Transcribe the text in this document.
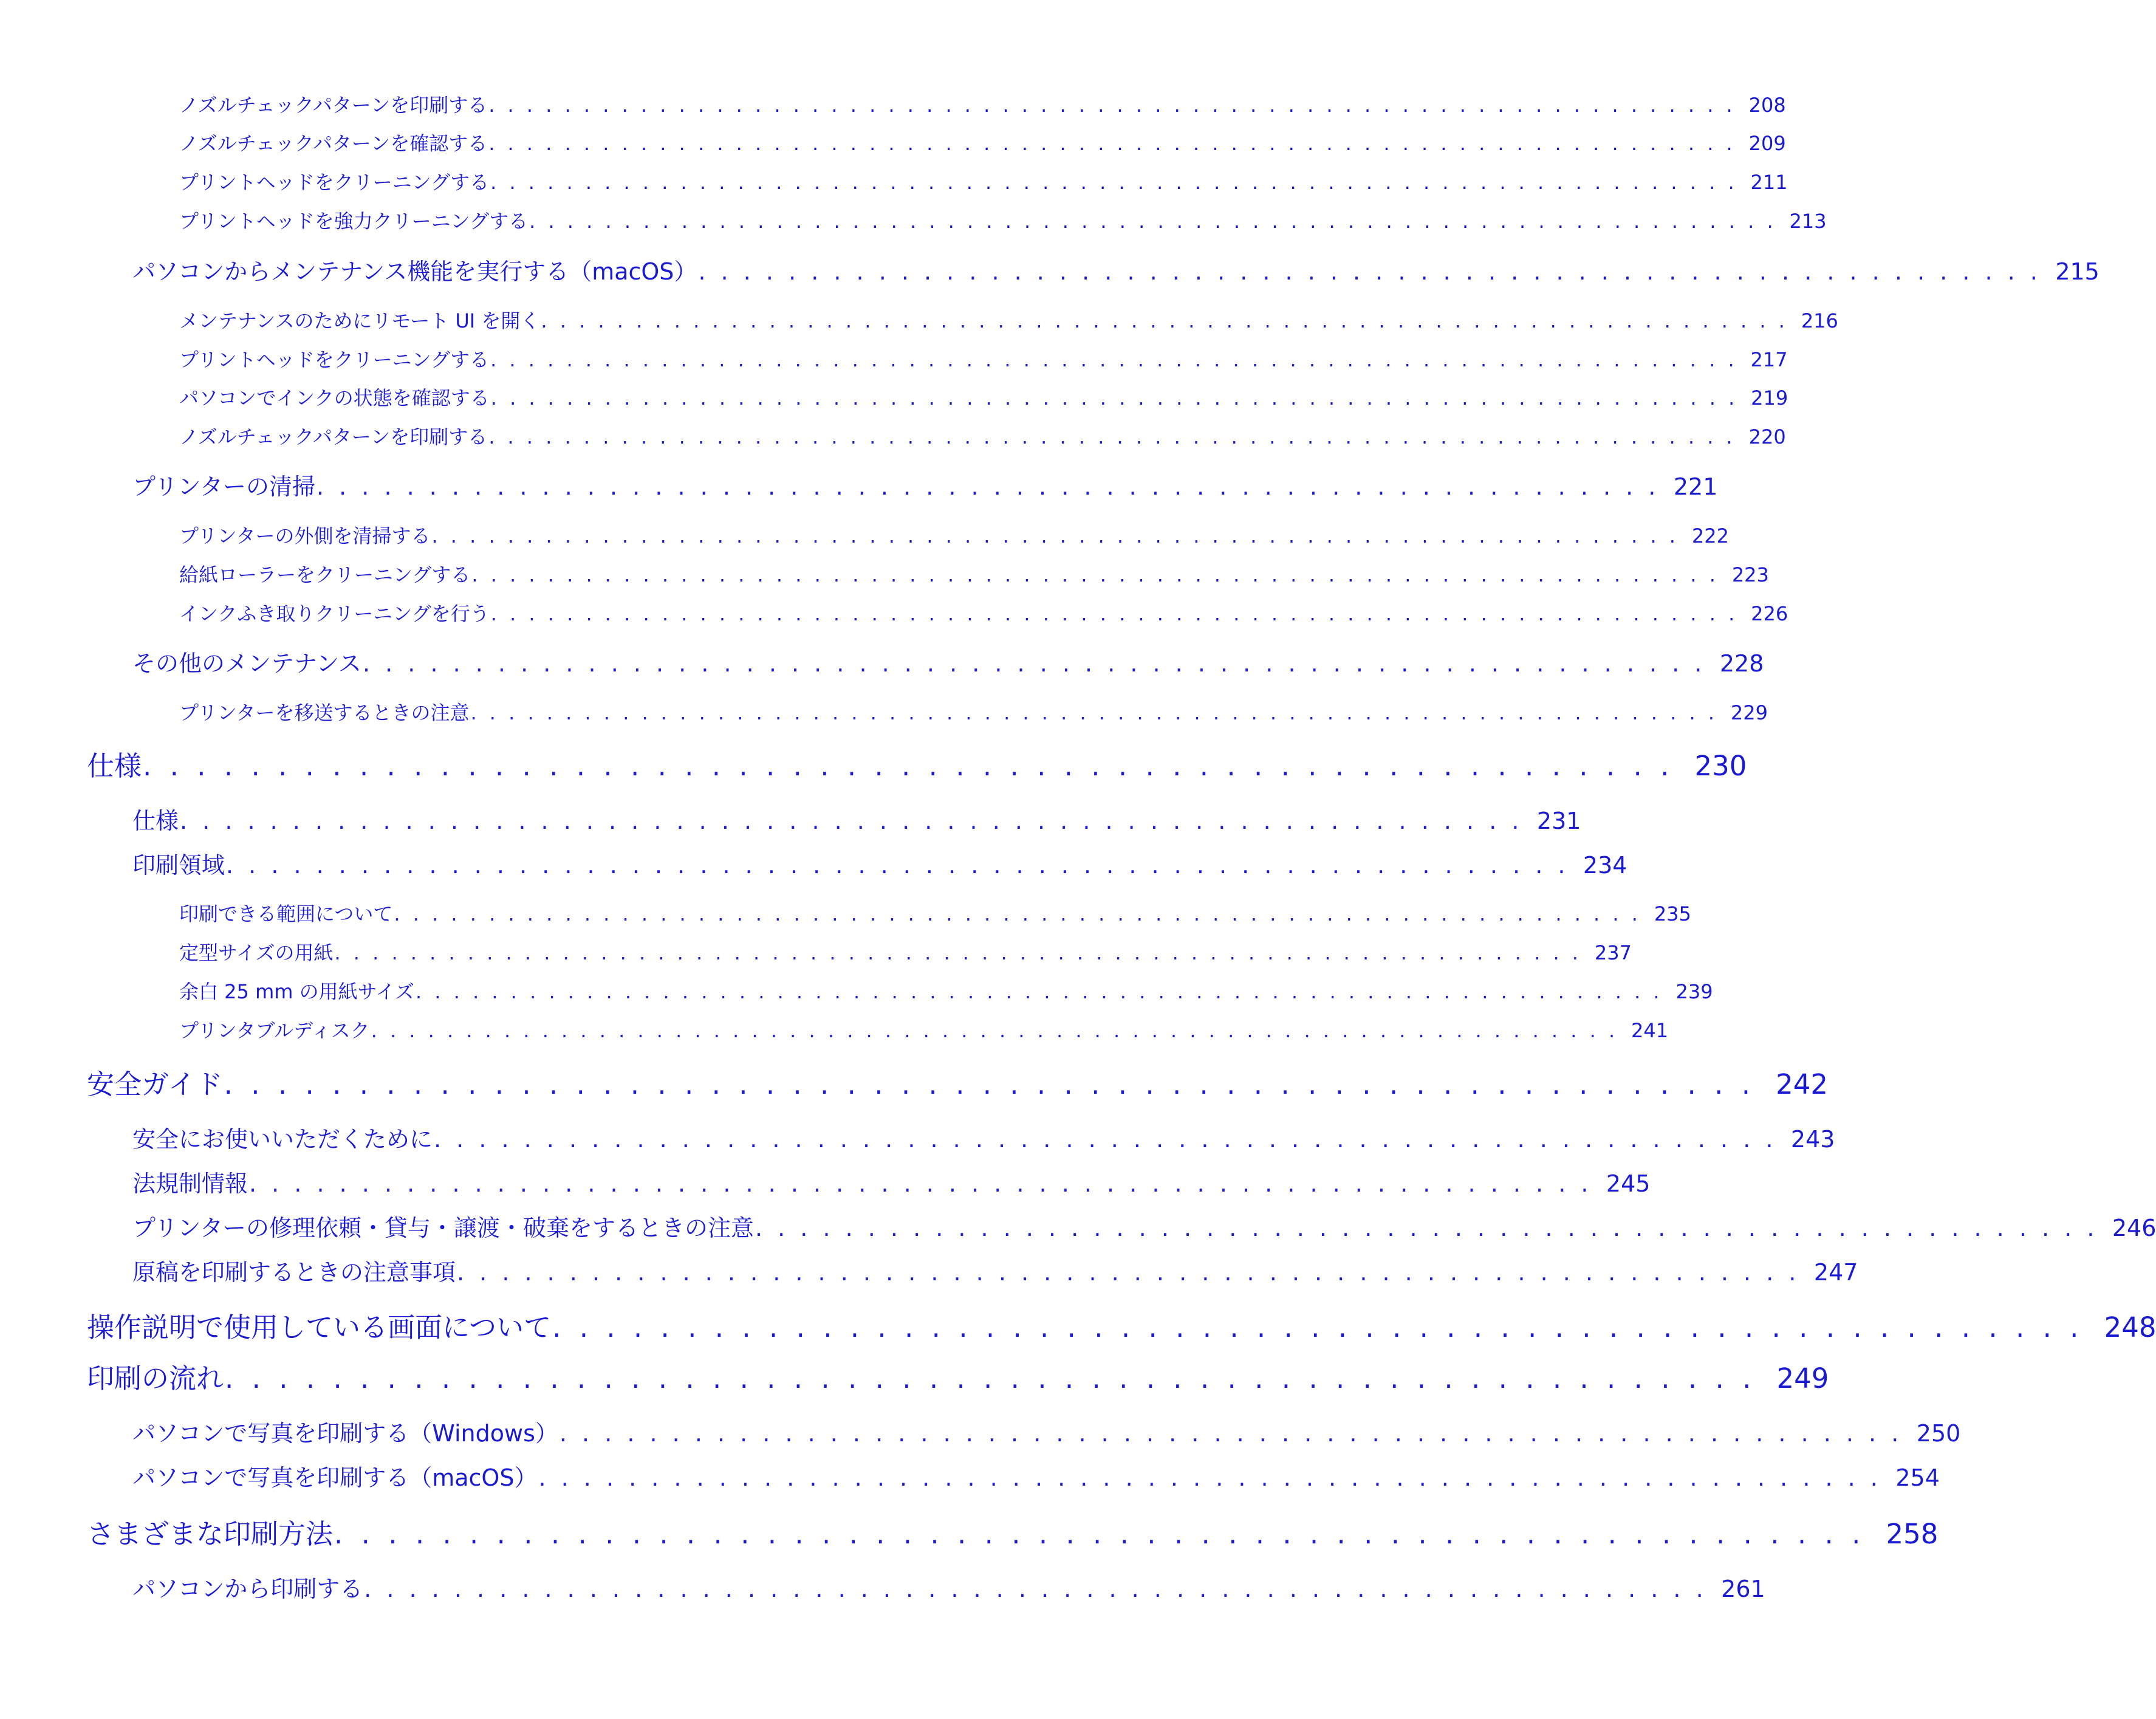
ノズルチェックパターンを印刷する . . . . . . . . . . . . . . . . . . . . . . . . . . . . . . . . . . . . . . . . . . . . . . . . . . . . . . . . . . . . . . . . . . 208
ノズルチェックパターンを確認する . . . . . . . . . . . . . . . . . . . . . . . . . . . . . . . . . . . . . . . . . . . . . . . . . . . . . . . . . . . . . . . . . . 209
プリントヘッドをクリーニングする . . . . . . . . . . . . . . . . . . . . . . . . . . . . . . . . . . . . . . . . . . . . . . . . . . . . . . . . . . . . . . . . . . 211
プリントヘッドを強力クリーニングする . . . . . . . . . . . . . . . . . . . . . . . . . . . . . . . . . . . . . . . . . . . . . . . . . . . . . . . . . . . . . . . . . . 213
パソコンからメンテナンス機能を実行する（macOS） . . . . . . . . . . . . . . . . . . . . . . . . . . . . . . . . . . . . . . . . . . . . . . . . . . . . . . . . . . . . 215
メンテナンスのためにリモート UI を開く . . . . . . . . . . . . . . . . . . . . . . . . . . . . . . . . . . . . . . . . . . . . . . . . . . . . . . . . . . . . . . . . . . 216
プリントヘッドをクリーニングする . . . . . . . . . . . . . . . . . . . . . . . . . . . . . . . . . . . . . . . . . . . . . . . . . . . . . . . . . . . . . . . . . . 217
パソコンでインクの状態を確認する . . . . . . . . . . . . . . . . . . . . . . . . . . . . . . . . . . . . . . . . . . . . . . . . . . . . . . . . . . . . . . . . . . 219
ノズルチェックパターンを印刷する . . . . . . . . . . . . . . . . . . . . . . . . . . . . . . . . . . . . . . . . . . . . . . . . . . . . . . . . . . . . . . . . . . 220
プリンターの清掃 . . . . . . . . . . . . . . . . . . . . . . . . . . . . . . . . . . . . . . . . . . . . . . . . . . . . . . . . . . . . 221
プリンターの外側を清掃する . . . . . . . . . . . . . . . . . . . . . . . . . . . . . . . . . . . . . . . . . . . . . . . . . . . . . . . . . . . . . . . . . . 222
給紙ローラーをクリーニングする . . . . . . . . . . . . . . . . . . . . . . . . . . . . . . . . . . . . . . . . . . . . . . . . . . . . . . . . . . . . . . . . . . 223
インクふき取りクリーニングを行う . . . . . . . . . . . . . . . . . . . . . . . . . . . . . . . . . . . . . . . . . . . . . . . . . . . . . . . . . . . . . . . . . . 226
その他のメンテナンス . . . . . . . . . . . . . . . . . . . . . . . . . . . . . . . . . . . . . . . . . . . . . . . . . . . . . . . . . . . . 228
プリンターを移送するときの注意 . . . . . . . . . . . . . . . . . . . . . . . . . . . . . . . . . . . . . . . . . . . . . . . . . . . . . . . . . . . . . . . . . . 229
仕様 . . . . . . . . . . . . . . . . . . . . . . . . . . . . . . . . . . . . . . . . . . . . . . . . . . . . . . . . . 230
仕様 . . . . . . . . . . . . . . . . . . . . . . . . . . . . . . . . . . . . . . . . . . . . . . . . . . . . . . . . . . . . 231
印刷領域 . . . . . . . . . . . . . . . . . . . . . . . . . . . . . . . . . . . . . . . . . . . . . . . . . . . . . . . . . . . . 234
印刷できる範囲について . . . . . . . . . . . . . . . . . . . . . . . . . . . . . . . . . . . . . . . . . . . . . . . . . . . . . . . . . . . . . . . . . . 235
定型サイズの用紙 . . . . . . . . . . . . . . . . . . . . . . . . . . . . . . . . . . . . . . . . . . . . . . . . . . . . . . . . . . . . . . . . . . 237
余白 25 mm の用紙サイズ . . . . . . . . . . . . . . . . . . . . . . . . . . . . . . . . . . . . . . . . . . . . . . . . . . . . . . . . . . . . . . . . . . 239
プリンタブルディスク . . . . . . . . . . . . . . . . . . . . . . . . . . . . . . . . . . . . . . . . . . . . . . . . . . . . . . . . . . . . . . . . . . 241
安全ガイド . . . . . . . . . . . . . . . . . . . . . . . . . . . . . . . . . . . . . . . . . . . . . . . . . . . . . . . . . 242
安全にお使いいただくために . . . . . . . . . . . . . . . . . . . . . . . . . . . . . . . . . . . . . . . . . . . . . . . . . . . . . . . . . . . . 243
法規制情報 . . . . . . . . . . . . . . . . . . . . . . . . . . . . . . . . . . . . . . . . . . . . . . . . . . . . . . . . . . . . 245
プリンターの修理依頼・貸与・譲渡・破棄をするときの注意 . . . . . . . . . . . . . . . . . . . . . . . . . . . . . . . . . . . . . . . . . . . . . . . . . . . . . . . . . . . . 246
原稿を印刷するときの注意事項 . . . . . . . . . . . . . . . . . . . . . . . . . . . . . . . . . . . . . . . . . . . . . . . . . . . . . . . . . . . . 247
操作説明で使用している画面について . . . . . . . . . . . . . . . . . . . . . . . . . . . . . . . . . . . . . . . . . . . . . . . . . . . . . . . . . 248
印刷の流れ . . . . . . . . . . . . . . . . . . . . . . . . . . . . . . . . . . . . . . . . . . . . . . . . . . . . . . . . . 249
パソコンで写真を印刷する（Windows） . . . . . . . . . . . . . . . . . . . . . . . . . . . . . . . . . . . . . . . . . . . . . . . . . . . . . . . . . . . . 250
パソコンで写真を印刷する（macOS） . . . . . . . . . . . . . . . . . . . . . . . . . . . . . . . . . . . . . . . . . . . . . . . . . . . . . . . . . . . . 254
さまざまな印刷方法 . . . . . . . . . . . . . . . . . . . . . . . . . . . . . . . . . . . . . . . . . . . . . . . . . . . . . . . . . 258
パソコンから印刷する . . . . . . . . . . . . . . . . . . . . . . . . . . . . . . . . . . . . . . . . . . . . . . . . . . . . . . . . . . . . 261
